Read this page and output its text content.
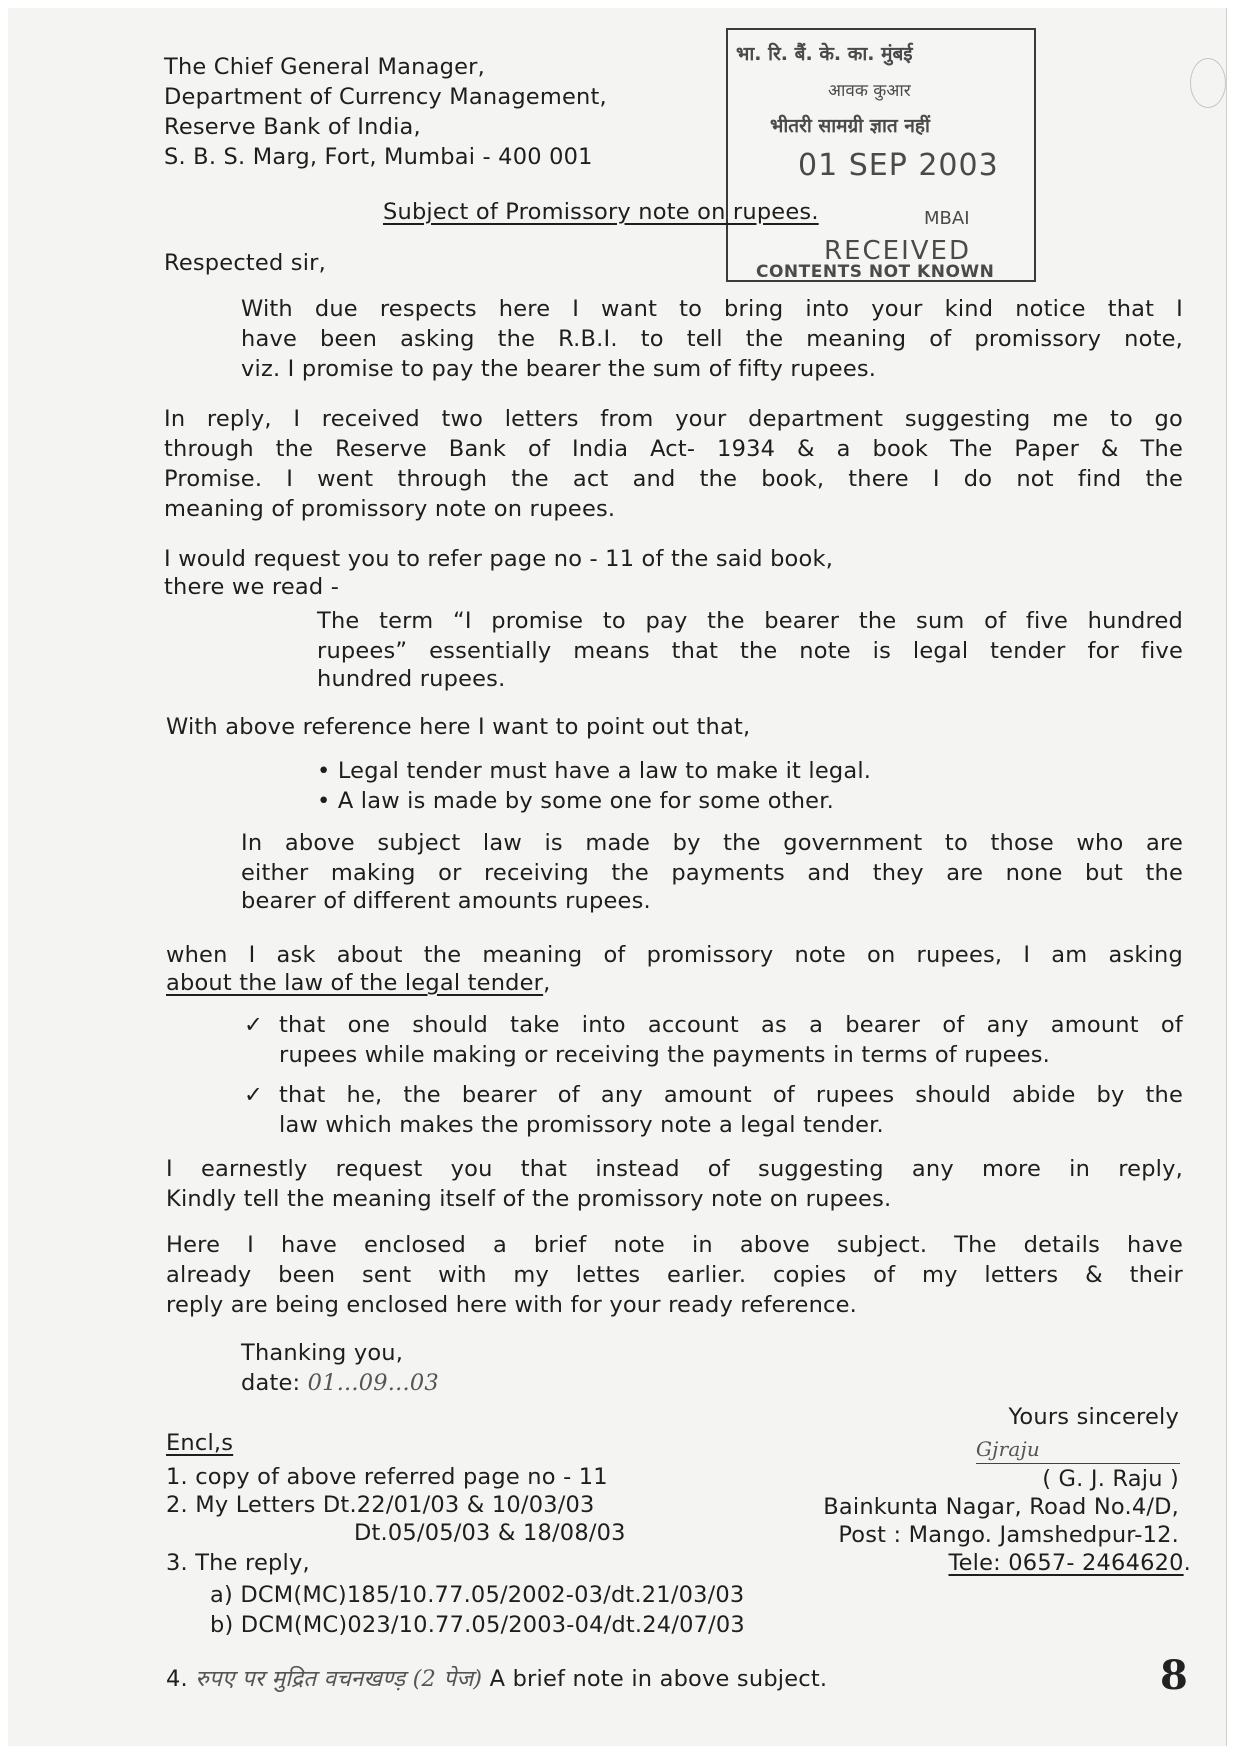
The Chief General Manager,
Department of Currency Management,
Reserve Bank of India,
S. B. S. Marg, Fort, Mumbai - 400 001
भा. रि. बैं. के. का. मुंबई
आवक कुआर
भीतरी सामग्री ज्ञात नहीं
01 SEP 2003
MBAI
RECEIVED
CONTENTS NOT KNOWN
Subject of Promissory note on rupees.
Respected sir,
With due respects here I want to bring into your kind notice that I
have been asking the R.B.I. to tell the meaning of promissory note,
viz. I promise to pay the bearer the sum of fifty rupees.
In reply, I received two letters from your department suggesting me to go
through the Reserve Bank of India Act- 1934 & a book The Paper & The
Promise. I went through the act and the book, there I do not find the
meaning of promissory note on rupees.
I would request you to refer page no - 11 of the said book,
there we read -
The term “I promise to pay the bearer the sum of five hundred
rupees” essentially means that the note is legal tender for five
hundred rupees.
With above reference here I want to point out that,
• Legal tender must have a law to make it legal.
• A law is made by some one for some other.
In above subject law is made by the government to those who are
either making or receiving the payments and they are none but the
bearer of different amounts rupees.
when I ask about the meaning of promissory note on rupees, I am asking
about the law of the legal tender,
✓ that one should take into account as a bearer of any amount of
rupees while making or receiving the payments in terms of rupees.
✓ that he, the bearer of any amount of rupees should abide by the
law which makes the promissory note a legal tender.
I earnestly request you that instead of suggesting any more in reply,
Kindly tell the meaning itself of the promissory note on rupees.
Here I have enclosed a brief note in above subject. The details have
already been sent with my lettes earlier. copies of my letters & their
reply are being enclosed here with for your ready reference.
Thanking you,
date: 01...09...03
Yours sincerely
Gjraju
( G. J. Raju )
Bainkunta Nagar, Road No.4/D,
Post : Mango. Jamshedpur-12.
Tele: 0657- 2464620.
Encl,s
1. copy of above referred page no - 11
2. My Letters Dt.22/01/03 & 10/03/03
Dt.05/05/03 & 18/08/03
3. The reply,
a) DCM(MC)185/10.77.05/2002-03/dt.21/03/03
b) DCM(MC)023/10.77.05/2003-04/dt.24/07/03
4. रुपए पर मुद्रित वचनखण्ड़ (2 पेज) A brief note in above subject.	8
